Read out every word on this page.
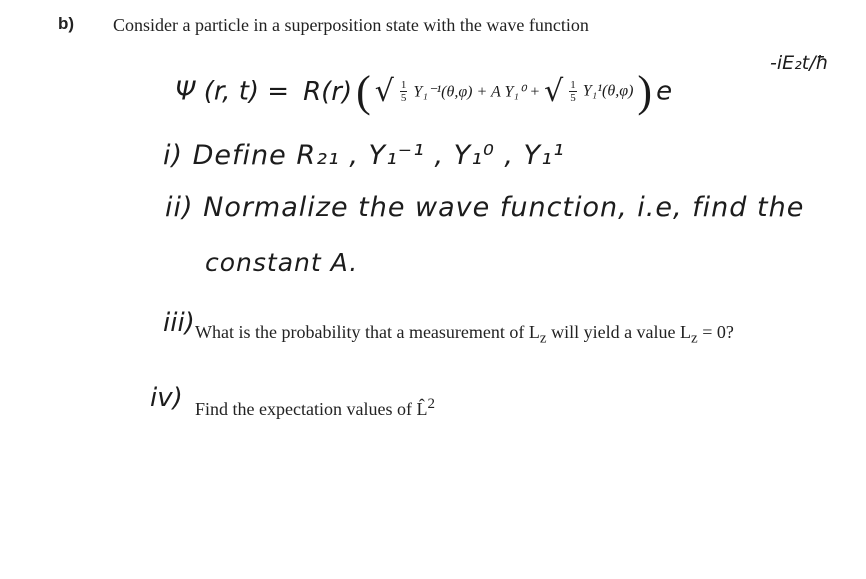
b) Consider a particle in a superposition state with the wave function
Ψ (r, t) = R(r) ( √ $\frac{1}{5} Y_1^{-1}(\theta,\varphi) + A$ Y₁⁰ + √ $\frac{1}{5} Y_1^1(\theta,\varphi)$ ) e
-iE₂t/ħ
i) Define R₂₁ , Y₁⁻¹ , Y₁⁰ , Y₁¹
ii) Normalize the wave function, i.e, find the
constant A.
iii) What is the probability that a measurement of $L_z$ will yield a value $L_z = 0$?
iv) Find the expectation values of L̂$^2$
